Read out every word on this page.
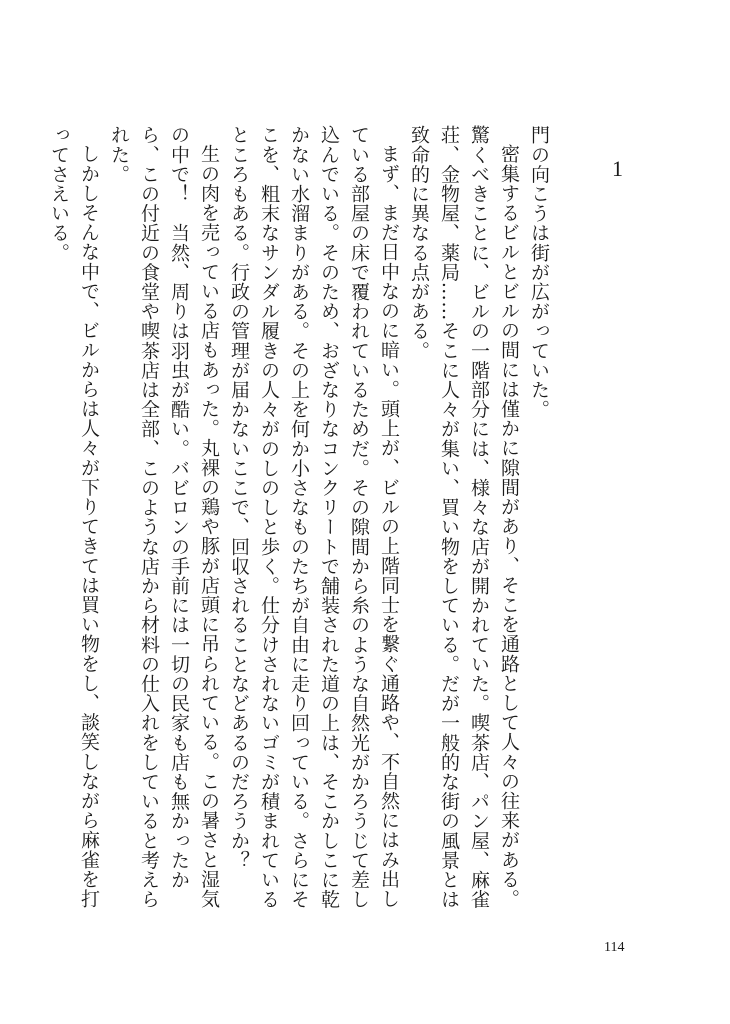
1

門の向こうは街が広がっていた。

密集するビルとビルの間には僅かに隙間があり、そこを通路として人々の往来がある。驚くべきことに、ビルの一階部分には、様々な店が開かれていた。喫茶店、パン屋、麻雀荘、金物屋、薬局……そこに人々が集い、買い物をしている。だが一般的な街の風景とは致命的に異なる点がある。

まず、まだ日中なのに暗い。頭上が、ビルの上階同士を繋ぐ通路や、不自然にはみ出している部屋の床で覆われているためだ。その隙間から糸のような自然光がかろうじて差し込んでいる。そのため、おざなりなコンクリートで舗装された道の上は、そこかしこに乾かない水溜まりがある。その上を何か小さなものたちが自由に走り回っている。さらにそこを、粗末なサンダル履きの人々がのしのしと歩く。仕分けされないゴミが積まれているところもある。行政の管理が届かないここで、回収されることなどあるのだろうか？

生の肉を売っている店もあった。丸裸の鶏や豚が店頭に吊られている。この暑さと湿気の中で！　当然、周りは羽虫が酷い。バビロンの手前には一切の民家も店も無かったから、この付近の食堂や喫茶店は全部、このような店から材料の仕入れをしていると考えられた。

しかしそんな中で、ビルからは人々が下りてきては買い物をし、談笑しながら麻雀を打ってさえいる。

114
